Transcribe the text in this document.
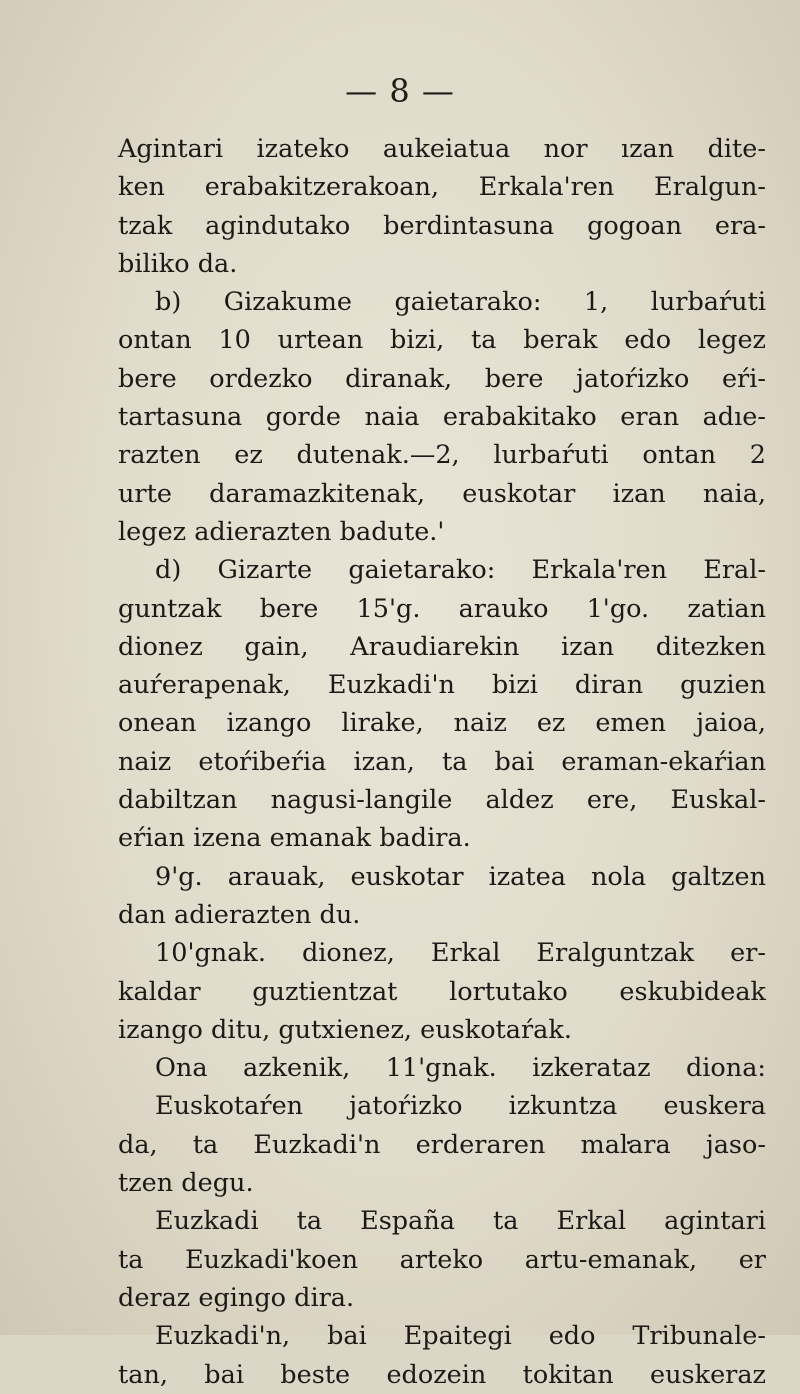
— 8 —
Agintari izateko aukeiatua nor ızan dite-
ken erabakitzerakoan, Erkala'ren Eralgun-
tzak agindutako berdintasuna gogoan era-
biliko da.
b) Gizakume gaietarako: 1, lurbaŕuti
ontan 10 urtean bizi, ta berak edo legez
bere ordezko diranak, bere jatoŕizko eŕi-
tartasuna gorde naia erabakitako eran adıe-
razten ez dutenak.—2, lurbaŕuti ontan 2
urte daramazkitenak, euskotar izan naia,
legez adierazten badute.'
d) Gizarte gaietarako: Erkala'ren Eral-
guntzak bere 15'g. arauko 1'go. zatian
dionez gain, Araudiarekin izan ditezken
auŕerapenak, Euzkadi'n bizi diran guzien
onean izango lirake, naiz ez emen jaioa,
naiz etoŕibeŕia izan, ta bai eraman-ekaŕian
dabiltzan nagusi-langile aldez ere, Euskal-
eŕian izena emanak badira.
9'g. arauak, euskotar izatea nola galtzen
dan adierazten du.
10'gnak. dionez, Erkal Eralguntzak er-
kaldar guztientzat lortutako eskubideak
izango ditu, gutxienez, euskotaŕak.
Ona azkenik, 11'gnak. izkerataz diona:
Euskotaŕen jatoŕizko izkuntza euskera
da, ta Euzkadi'n erderaren maŀara jaso-
tzen degu.
Euzkadi ta España ta Erkal agintari
ta Euzkadi'koen arteko artu-emanak, er
deraz egingo dira.
Euzkadi'n, bai Epaitegi edo Tribunale-
tan, bai beste edozein tokitan euskeraz
